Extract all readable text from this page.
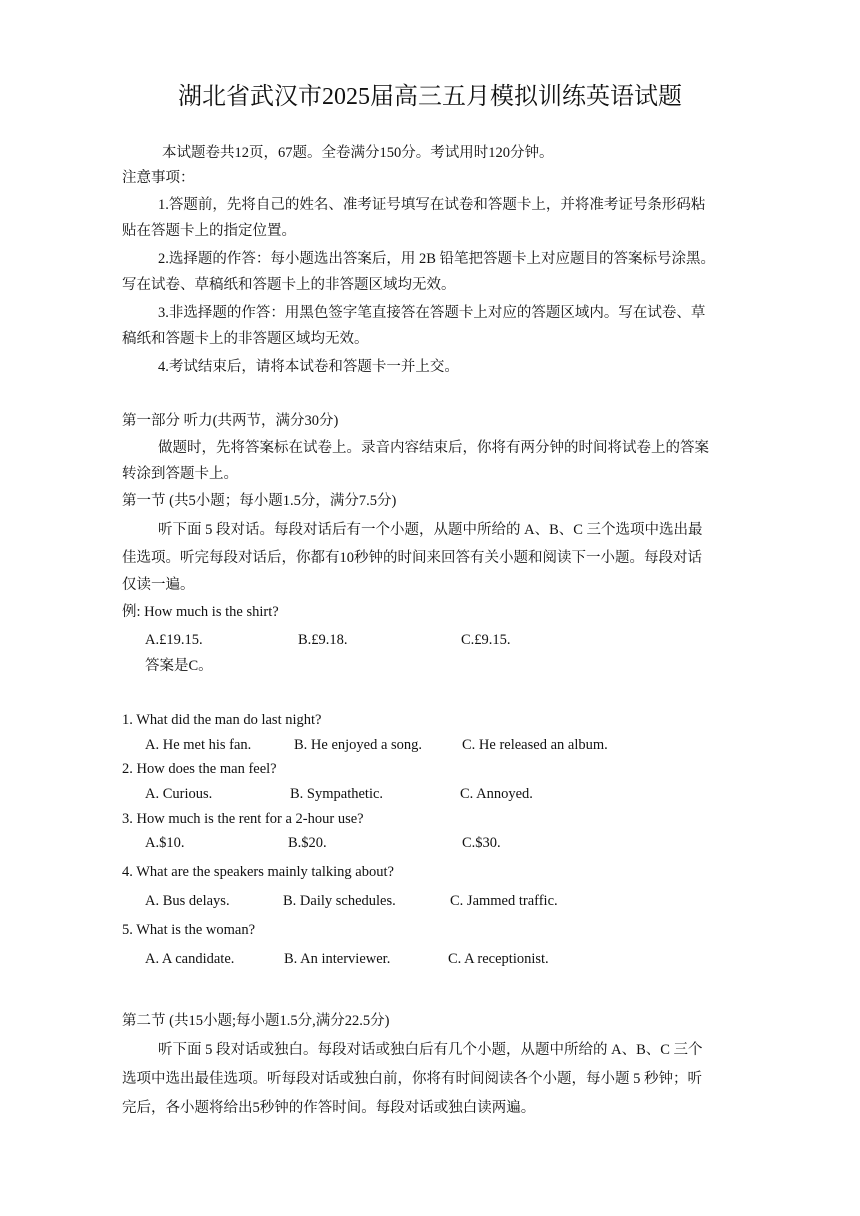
湖北省武汉市2025届高三五月模拟训练英语试题
本试题卷共12页，67题。全卷满分150分。考试用时120分钟。
注意事项：
1.答题前，先将自己的姓名、准考证号填写在试卷和答题卡上，并将准考证号条形码粘
贴在答题卡上的指定位置。
2.选择题的作答：每小题选出答案后，用 2B 铅笔把答题卡上对应题目的答案标号涂黑。
写在试卷、草稿纸和答题卡上的非答题区域均无效。
3.非选择题的作答：用黑色签字笔直接答在答题卡上对应的答题区域内。写在试卷、草
稿纸和答题卡上的非答题区域均无效。
4.考试结束后，请将本试卷和答题卡一并上交。
第一部分 听力(共两节，满分30分)
做题时，先将答案标在试卷上。录音内容结束后，你将有两分钟的时间将试卷上的答案
转涂到答题卡上。
第一节 (共5小题；每小题1.5分，满分7.5分)
听下面 5 段对话。每段对话后有一个小题，从题中所给的 A、B、C 三个选项中选出最
佳选项。听完每段对话后，你都有10秒钟的时间来回答有关小题和阅读下一小题。每段对话
仅读一遍。
例: How much is the shirt?
A.£19.15.	B.£9.18.	C.£9.15.
答案是C。
1. What did the man do last night?
A. He met his fan.	B. He enjoyed a song.	C. He released an album.
2. How does the man feel?
A. Curious.	B. Sympathetic.	C. Annoyed.
3. How much is the rent for a 2-hour use?
A.$10.	B.$20.	C.$30.
4. What are the speakers mainly talking about?
A. Bus delays.	B. Daily schedules.	C. Jammed traffic.
5. What is the woman?
A. A candidate.	B. An interviewer.	C. A receptionist.
第二节 (共15小题;每小题1.5分,满分22.5分)
听下面 5 段对话或独白。每段对话或独白后有几个小题，从题中所给的 A、B、C 三个
选项中选出最佳选项。听每段对话或独白前，你将有时间阅读各个小题，每小题 5 秒钟；听
完后，各小题将给出5秒钟的作答时间。每段对话或独白读两遍。
